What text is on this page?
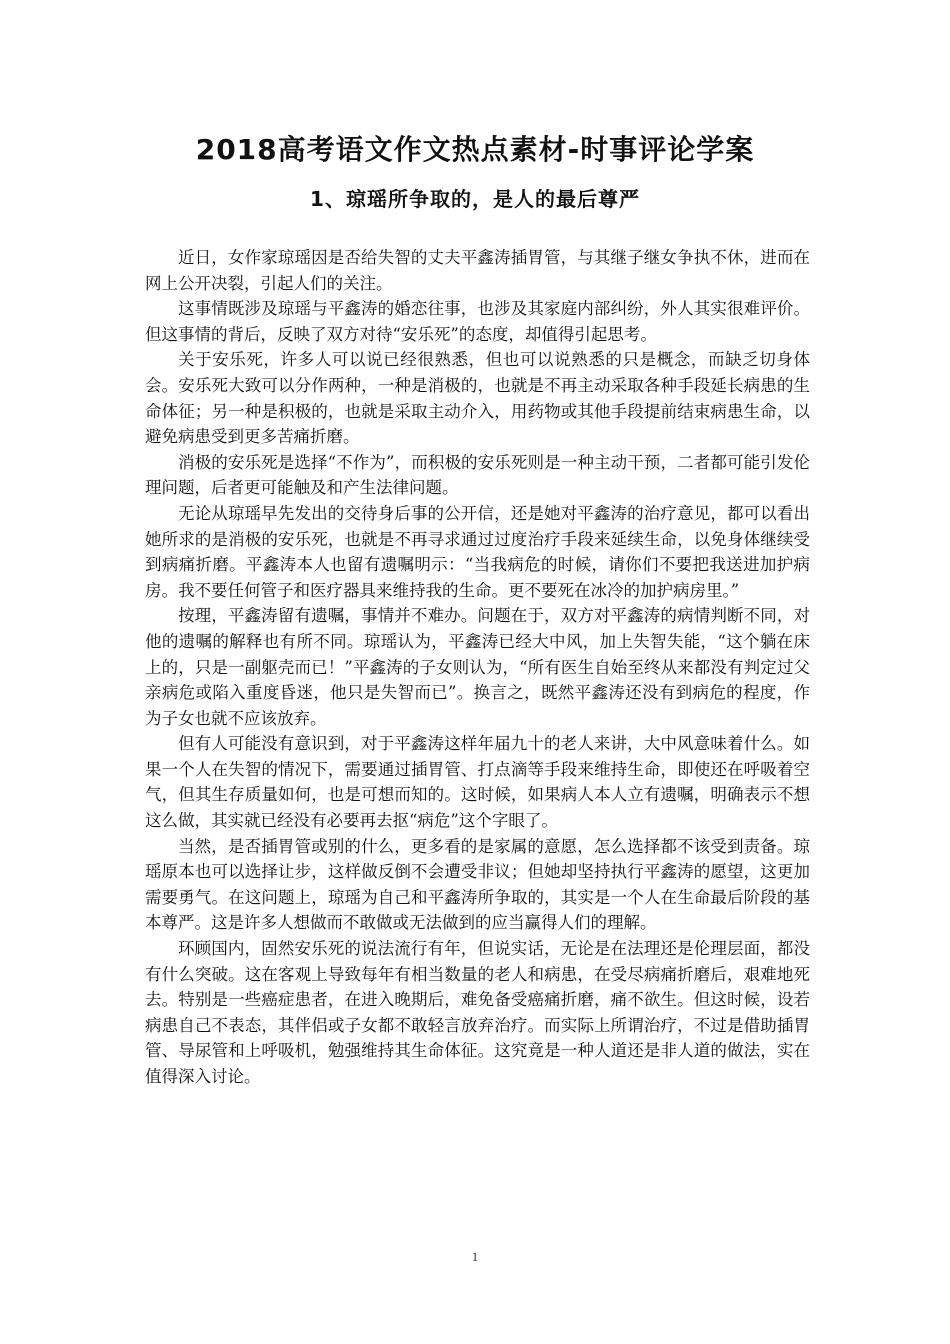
2018高考语文作文热点素材-时事评论学案
1、琼瑶所争取的，是人的最后尊严

近日，女作家琼瑶因是否给失智的丈夫平鑫涛插胃管，与其继子继女争执不休，进而在网上公开决裂，引起人们的关注。

这事情既涉及琼瑶与平鑫涛的婚恋往事，也涉及其家庭内部纠纷，外人其实很难评价。但这事情的背后，反映了双方对待“安乐死”的态度，却值得引起思考。

关于安乐死，许多人可以说已经很熟悉，但也可以说熟悉的只是概念，而缺乏切身体会。安乐死大致可以分作两种，一种是消极的，也就是不再主动采取各种手段延长病患的生命体征；另一种是积极的，也就是采取主动介入，用药物或其他手段提前结束病患生命，以避免病患受到更多苦痛折磨。

消极的安乐死是选择“不作为”，而积极的安乐死则是一种主动干预，二者都可能引发伦理问题，后者更可能触及和产生法律问题。

无论从琼瑶早先发出的交待身后事的公开信，还是她对平鑫涛的治疗意见，都可以看出她所求的是消极的安乐死，也就是不再寻求通过过度治疗手段来延续生命，以免身体继续受到病痛折磨。平鑫涛本人也留有遗嘱明示：“当我病危的时候，请你们不要把我送进加护病房。我不要任何管子和医疗器具来维持我的生命。更不要死在冰冷的加护病房里。”

按理，平鑫涛留有遗嘱，事情并不难办。问题在于，双方对平鑫涛的病情判断不同，对他的遗嘱的解释也有所不同。琼瑶认为，平鑫涛已经大中风，加上失智失能，“这个躺在床上的，只是一副躯壳而已！”平鑫涛的子女则认为，“所有医生自始至终从来都没有判定过父亲病危或陷入重度昏迷，他只是失智而已”。换言之，既然平鑫涛还没有到病危的程度，作为子女也就不应该放弃。

但有人可能没有意识到，对于平鑫涛这样年届九十的老人来讲，大中风意味着什么。如果一个人在失智的情况下，需要通过插胃管、打点滴等手段来维持生命，即使还在呼吸着空气，但其生存质量如何，也是可想而知的。这时候，如果病人本人立有遗嘱，明确表示不想这么做，其实就已经没有必要再去抠“病危”这个字眼了。

当然，是否插胃管或别的什么，更多看的是家属的意愿，怎么选择都不该受到责备。琼瑶原本也可以选择让步，这样做反倒不会遭受非议；但她却坚持执行平鑫涛的愿望，这更加需要勇气。在这问题上，琼瑶为自己和平鑫涛所争取的，其实是一个人在生命最后阶段的基本尊严。这是许多人想做而不敢做或无法做到的应当赢得人们的理解。

环顾国内，固然安乐死的说法流行有年，但说实话，无论是在法理还是伦理层面，都没有什么突破。这在客观上导致每年有相当数量的老人和病患，在受尽病痛折磨后，艰难地死去。特别是一些癌症患者，在进入晚期后，难免备受癌痛折磨，痛不欲生。但这时候，设若病患自己不表态，其伴侣或子女都不敢轻言放弃治疗。而实际上所谓治疗，不过是借助插胃管、导尿管和上呼吸机，勉强维持其生命体征。这究竟是一种人道还是非人道的做法，实在值得深入讨论。

1
